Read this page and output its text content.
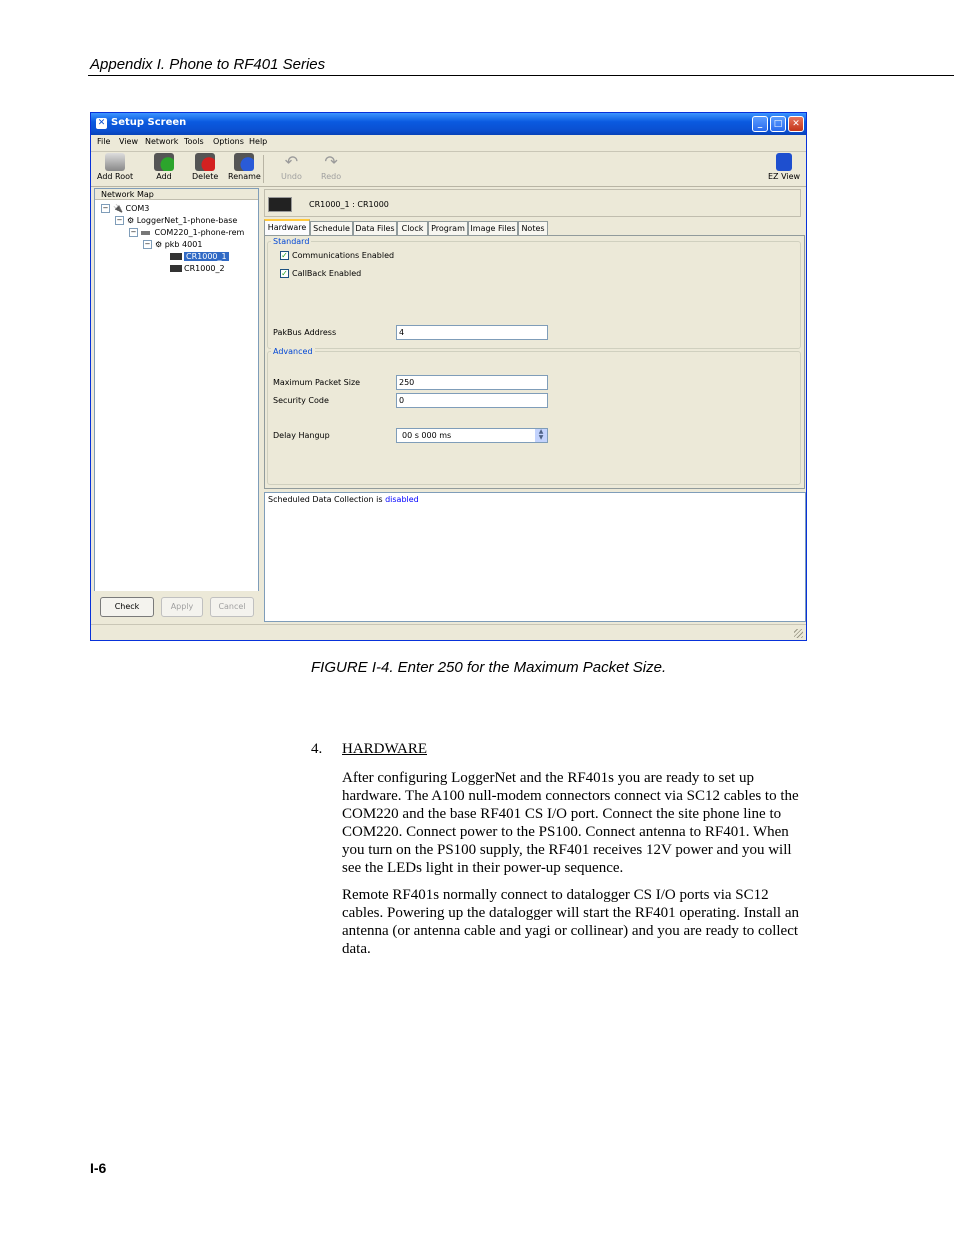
Appendix I. Phone to RF401 Series
✕ Setup Screen	_	□	✕
File View Network Tools Options Help
Add Root	Add	Delete Rename
↶
Undo
↷
Redo	EZ View
Network Map
− 🔌 COM3
− ⚙ LoggerNet_1-phone-base
− COM220_1-phone-rem
− ⚙ pkb 4001
CR1000_1
CR1000_2
Check	Apply	Cancel
CR1000_1 : CR1000
Hardware Schedule Data Files Clock Program Image Files Notes
Standard
✓ Communications Enabled
✓ CallBack Enabled
PakBus Address	4
Advanced
Maximum Packet Size	250
Security Code	0
Delay Hangup	00 s 000 ms	▲
▼
Scheduled Data Collection is disabled
FIGURE I-4. Enter 250 for the Maximum Packet Size.
4. HARDWARE

After configuring LoggerNet and the RF401s you are ready to set up hardware. The A100 null-modem connectors connect via SC12 cables to the COM220 and the base RF401 CS I/O port. Connect the site phone line to COM220. Connect power to the PS100. Connect antenna to RF401. When you turn on the PS100 supply, the RF401 receives 12V power and you will see the LEDs light in their power-up sequence.

Remote RF401s normally connect to datalogger CS I/O ports via SC12 cables. Powering up the datalogger will start the RF401 operating. Install an antenna (or antenna cable and yagi or collinear) and you are ready to collect data.

I-6
